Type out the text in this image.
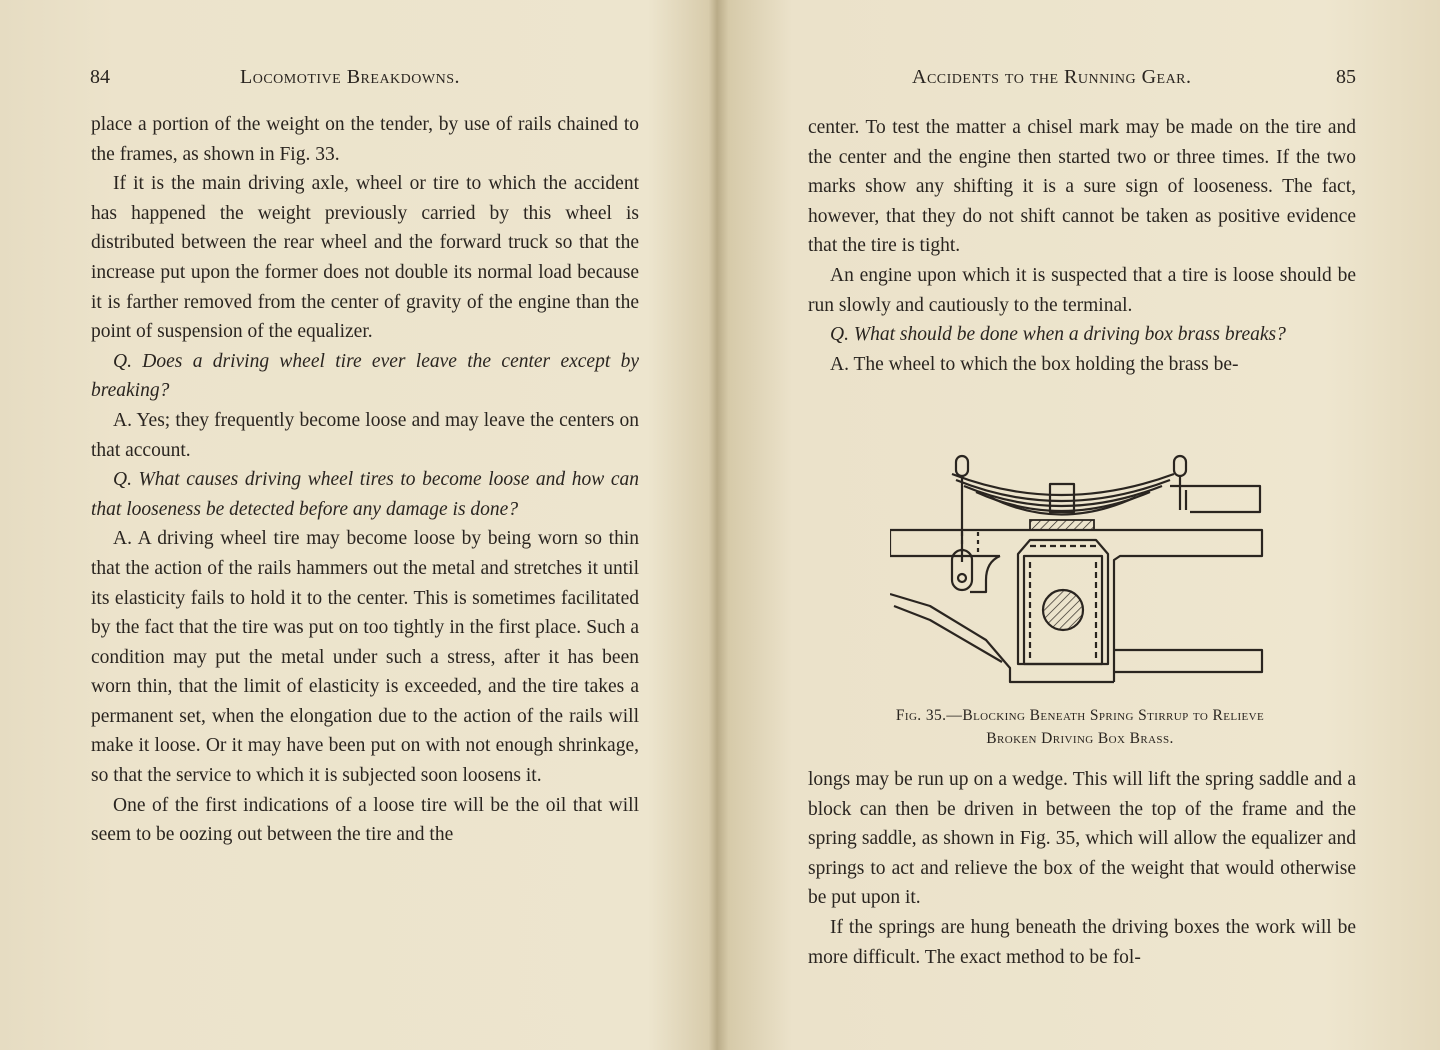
84	Locomotive Breakdowns.

place a portion of the weight on the tender, by use of rails chained to the frames, as shown in Fig. 33.

If it is the main driving axle, wheel or tire to which the accident has happened the weight previously carried by this wheel is distributed between the rear wheel and the forward truck so that the increase put upon the former does not double its normal load because it is farther removed from the center of gravity of the engine than the point of suspension of the equalizer.

Q. Does a driving wheel tire ever leave the center except by breaking?

A. Yes; they frequently become loose and may leave the centers on that account.

Q. What causes driving wheel tires to become loose and how can that looseness be detected before any damage is done?

A. A driving wheel tire may become loose by being worn so thin that the action of the rails hammers out the metal and stretches it until its elasticity fails to hold it to the center. This is sometimes facilitated by the fact that the tire was put on too tightly in the first place. Such a condition may put the metal under such a stress, after it has been worn thin, that the limit of elasticity is exceeded, and the tire takes a permanent set, when the elongation due to the action of the rails will make it loose. Or it may have been put on with not enough shrinkage, so that the service to which it is subjected soon loosens it.

One of the first indications of a loose tire will be the oil that will seem to be oozing out between the tire and the

Accidents to the Running Gear.	85

center. To test the matter a chisel mark may be made on the tire and the center and the engine then started two or three times. If the two marks show any shifting it is a sure sign of looseness. The fact, however, that they do not shift cannot be taken as positive evidence that the tire is tight.

An engine upon which it is suspected that a tire is loose should be run slowly and cautiously to the terminal.

Q. What should be done when a driving box brass breaks?

A. The wheel to which the box holding the brass be-

Fig. 35.—Blocking Beneath Spring Stirrup to Relieve
Broken Driving Box Brass.

longs may be run up on a wedge. This will lift the spring saddle and a block can then be driven in between the top of the frame and the spring saddle, as shown in Fig. 35, which will allow the equalizer and springs to act and relieve the box of the weight that would otherwise be put upon it.

If the springs are hung beneath the driving boxes the work will be more difficult. The exact method to be fol-
